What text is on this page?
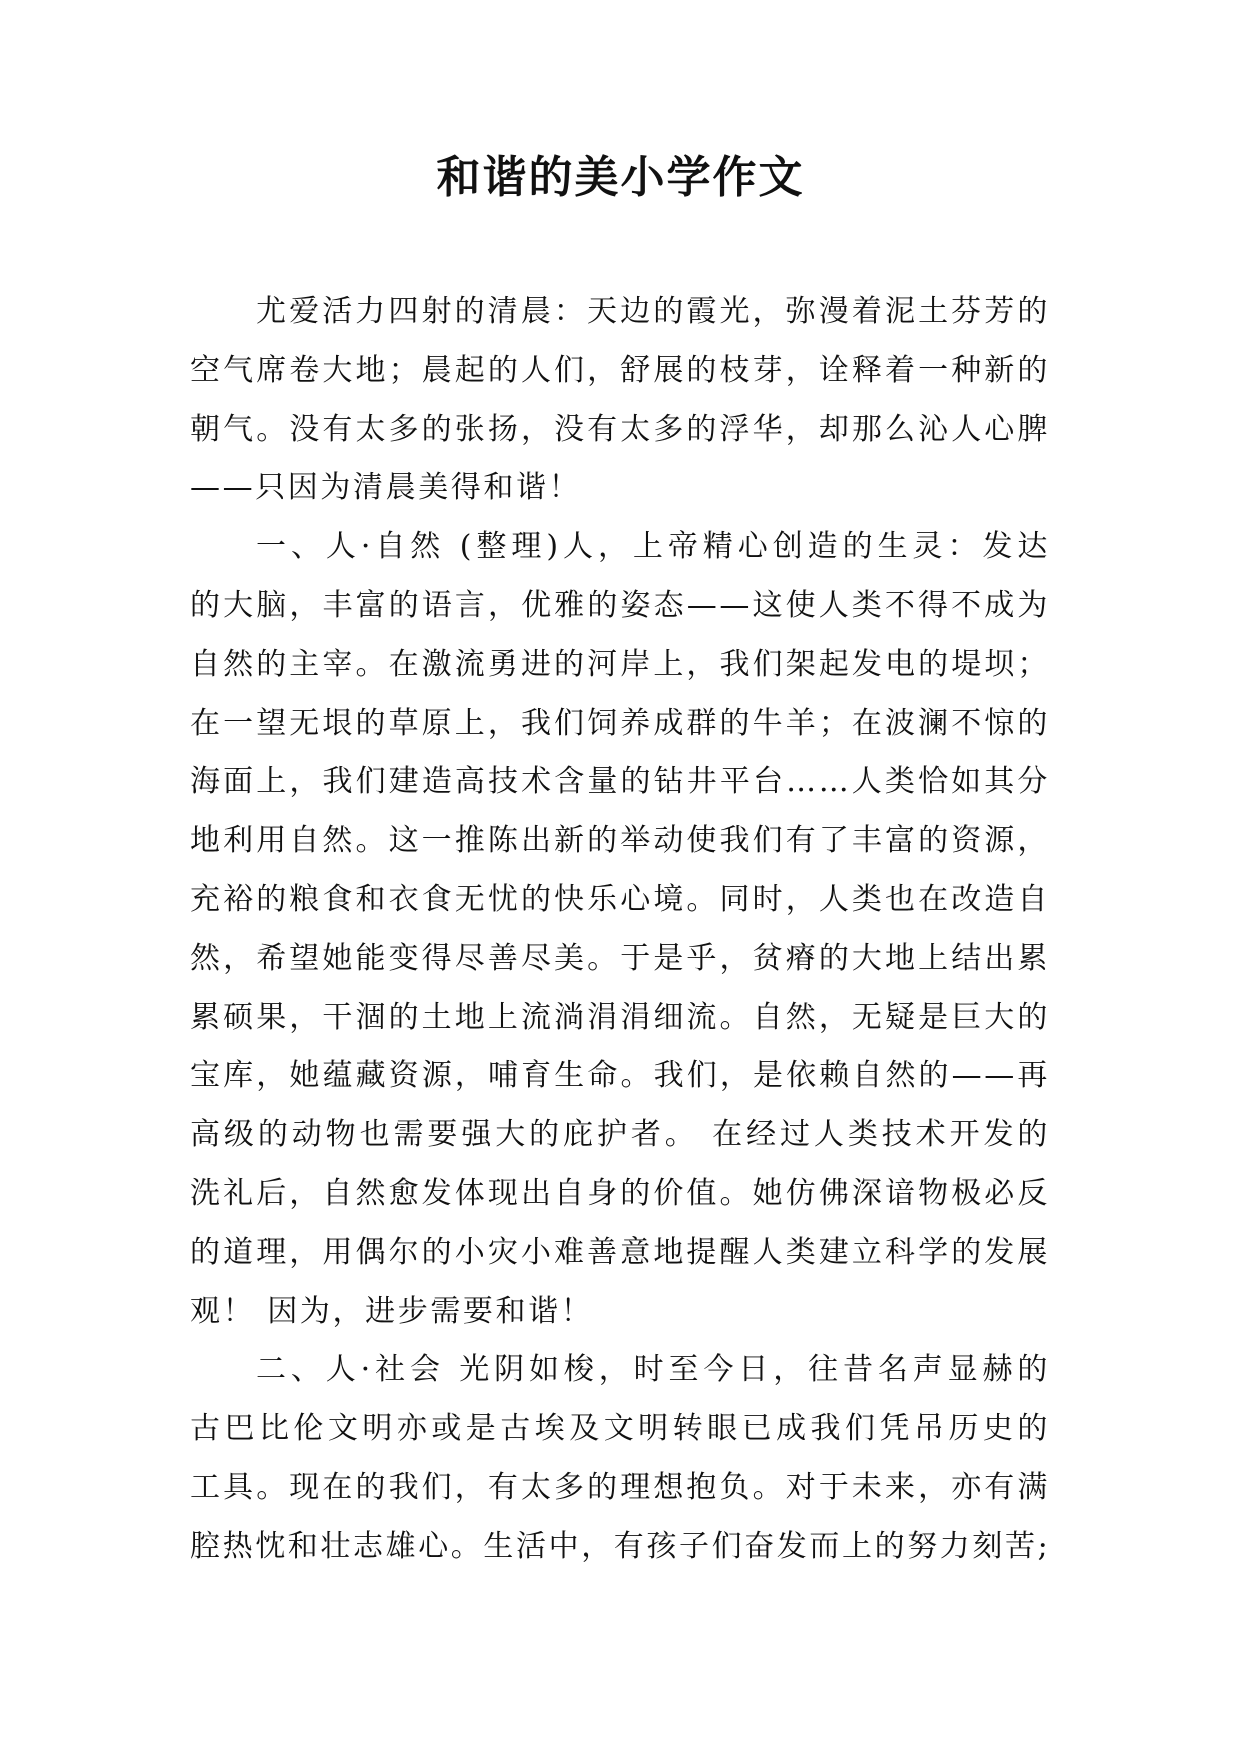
和谐的美小学作文
尤爱活力四射的清晨：天边的霞光，弥漫着泥土芬芳的
空气席卷大地；晨起的人们，舒展的枝芽，诠释着一种新的
朝气。没有太多的张扬，没有太多的浮华，却那么沁人心脾
——只因为清晨美得和谐！
一、人·自然 (整理)人，上帝精心创造的生灵：发达
的大脑，丰富的语言，优雅的姿态——这使人类不得不成为
自然的主宰。在激流勇进的河岸上，我们架起发电的堤坝；
在一望无垠的草原上，我们饲养成群的牛羊；在波澜不惊的
海面上，我们建造高技术含量的钻井平台……人类恰如其分
地利用自然。这一推陈出新的举动使我们有了丰富的资源，
充裕的粮食和衣食无忧的快乐心境。同时，人类也在改造自
然，希望她能变得尽善尽美。于是乎，贫瘠的大地上结出累
累硕果，干涸的土地上流淌涓涓细流。自然，无疑是巨大的
宝库，她蕴藏资源，哺育生命。我们，是依赖自然的——再
高级的动物也需要强大的庇护者。 在经过人类技术开发的
洗礼后，自然愈发体现出自身的价值。她仿佛深谙物极必反
的道理，用偶尔的小灾小难善意地提醒人类建立科学的发展
观！ 因为，进步需要和谐！
二、人·社会 光阴如梭，时至今日，往昔名声显赫的
古巴比伦文明亦或是古埃及文明转眼已成我们凭吊历史的
工具。现在的我们，有太多的理想抱负。对于未来，亦有满
腔热忱和壮志雄心。生活中，有孩子们奋发而上的努力刻苦;
